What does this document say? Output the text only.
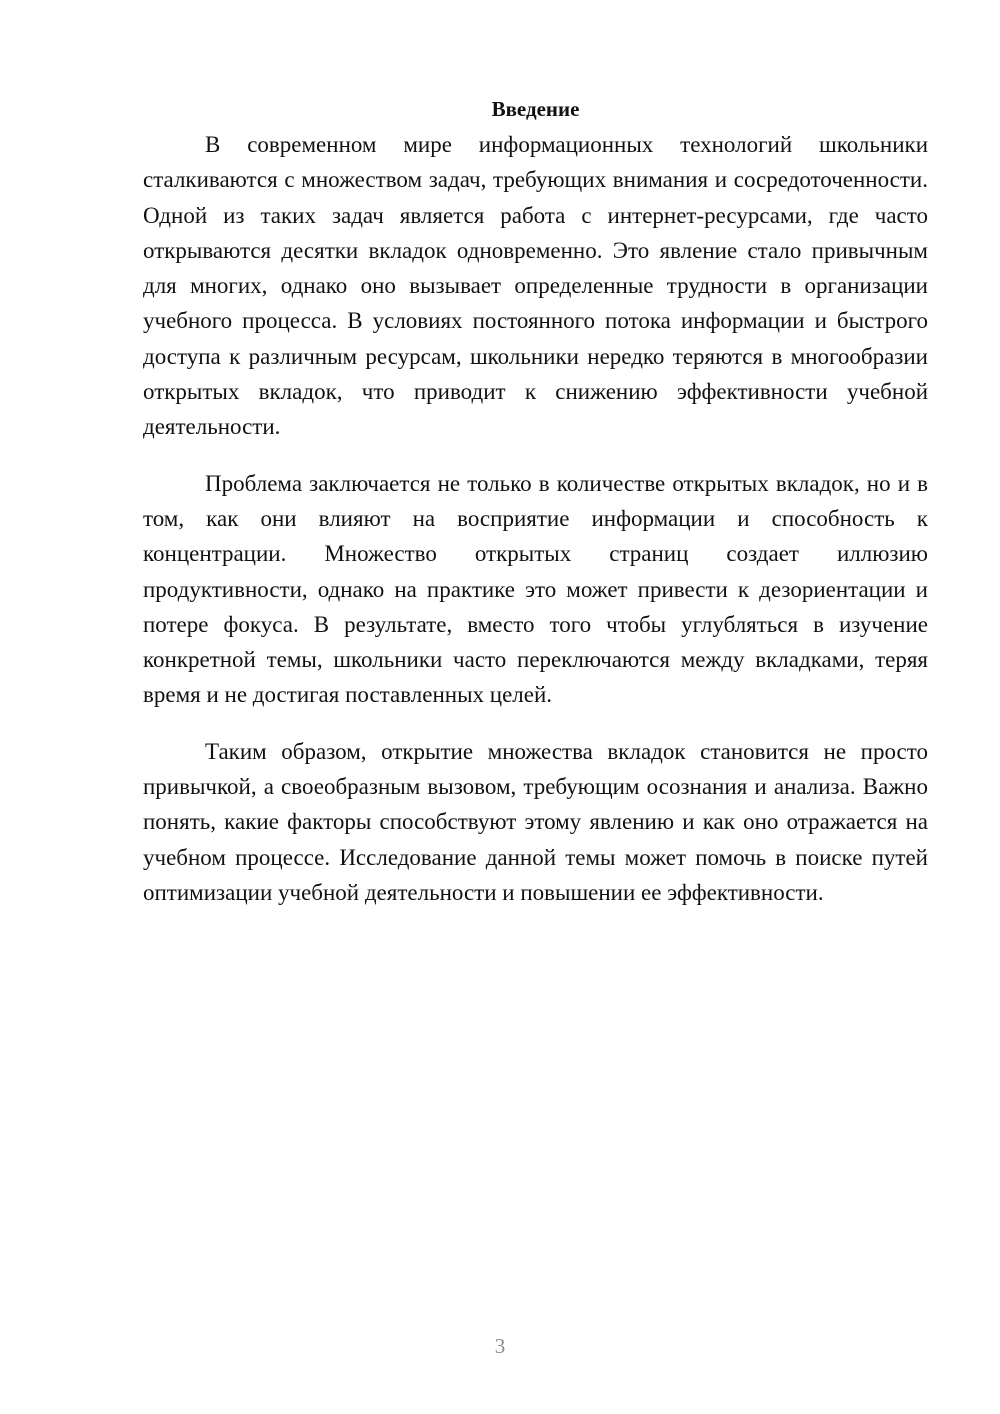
Введение

В современном мире информационных технологий школьники сталкиваются с множеством задач, требующих внимания и сосредоточенности. Одной из таких задач является работа с интернет-ресурсами, где часто открываются десятки вкладок одновременно. Это явление стало привычным для многих, однако оно вызывает определенные трудности в организации учебного процесса. В условиях постоянного потока информации и быстрого доступа к различным ресурсам, школьники нередко теряются в многообразии открытых вкладок, что приводит к снижению эффективности учебной деятельности.

Проблема заключается не только в количестве открытых вкладок, но и в том, как они влияют на восприятие информации и способность к концентрации. Множество открытых страниц создает иллюзию продуктивности, однако на практике это может привести к дезориентации и потере фокуса. В результате, вместо того чтобы углубляться в изучение конкретной темы, школьники часто переключаются между вкладками, теряя время и не достигая поставленных целей.

Таким образом, открытие множества вкладок становится не просто привычкой, а своеобразным вызовом, требующим осознания и анализа. Важно понять, какие факторы способствуют этому явлению и как оно отражается на учебном процессе. Исследование данной темы может помочь в поиске путей оптимизации учебной деятельности и повышении ее эффективности.

3
